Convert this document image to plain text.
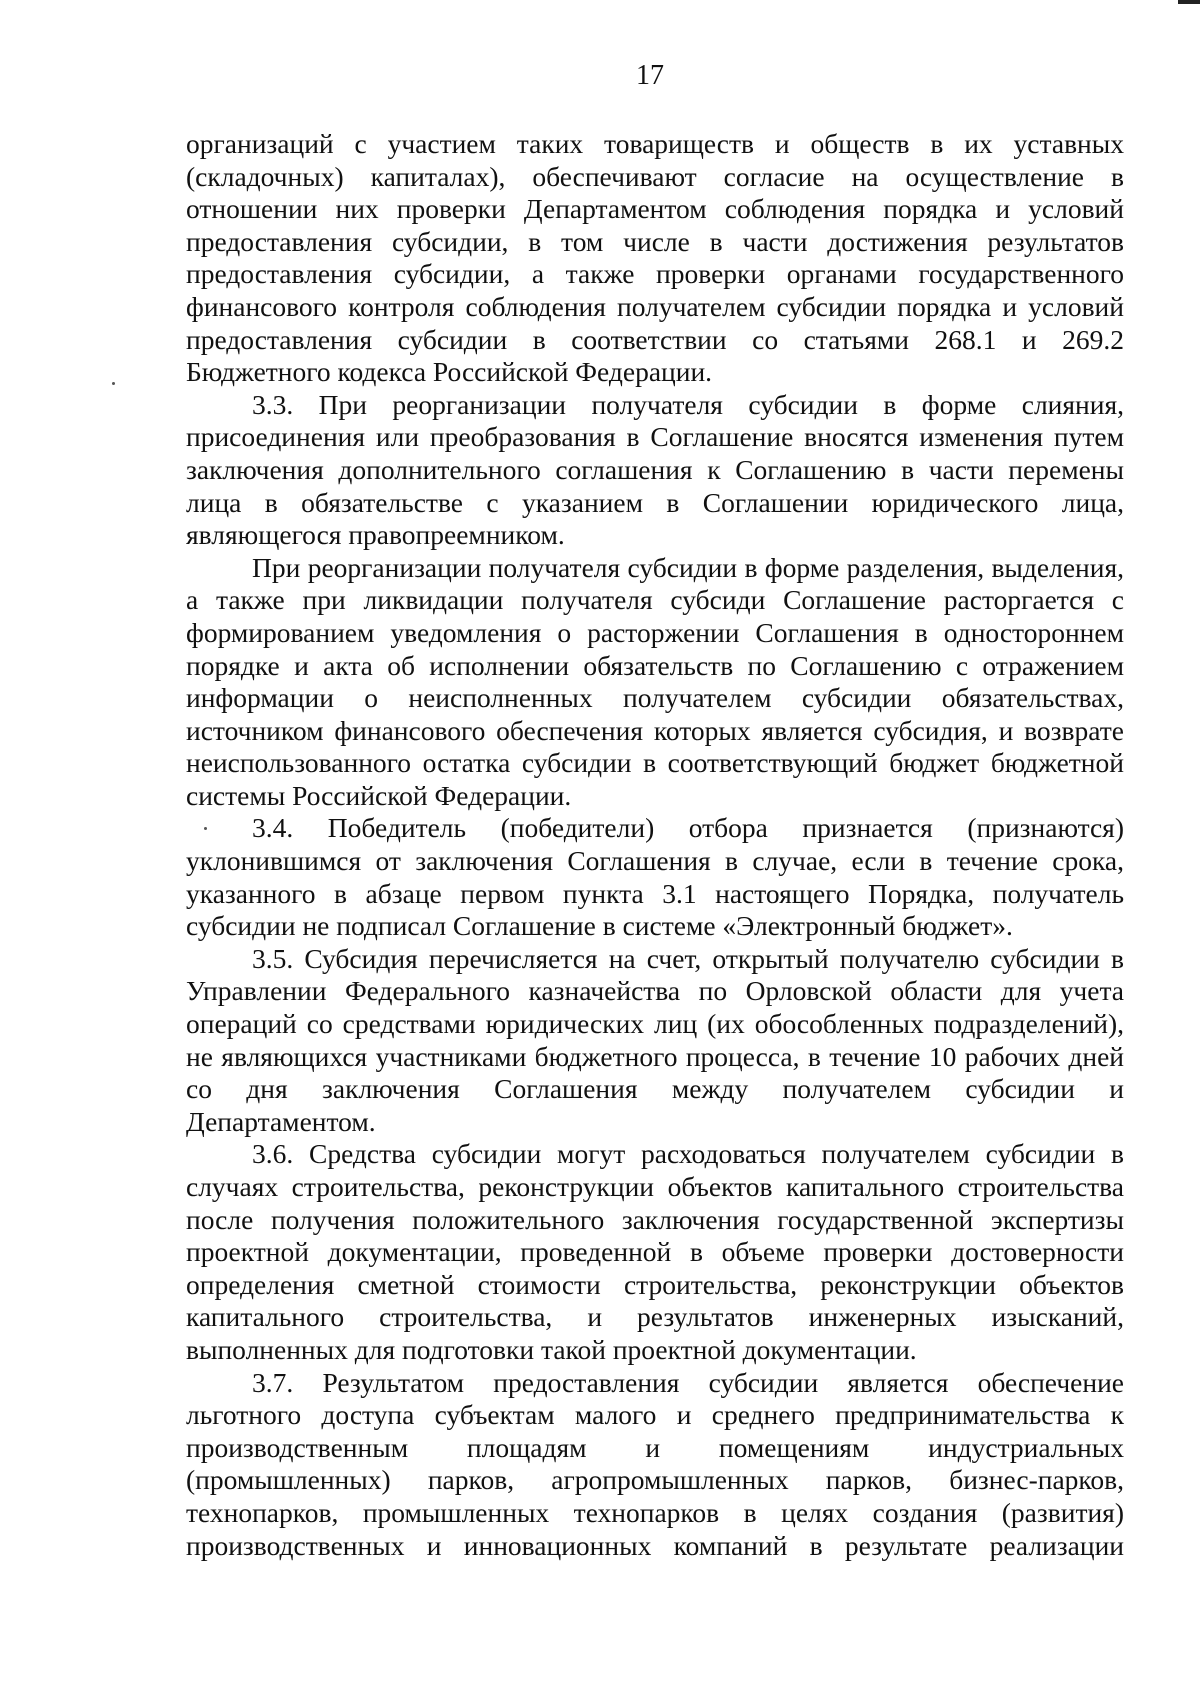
17

организаций с участием таких товариществ и обществ в их уставных (складочных) капиталах), обеспечивают согласие на осуществление в отношении них проверки Департаментом соблюдения порядка и условий предоставления субсидии, в том числе в части достижения результатов предоставления субсидии, а также проверки органами государственного финансового контроля соблюдения получателем субсидии порядка и условий предоставления субсидии в соответствии со статьями 268.1 и 269.2 Бюджетного кодекса Российской Федерации.

3.3. При реорганизации получателя субсидии в форме слияния, присоединения или преобразования в Соглашение вносятся изменения путем заключения дополнительного соглашения к Соглашению в части перемены лица в обязательстве с указанием в Соглашении юридического лица, являющегося правопреемником.

При реорганизации получателя субсидии в форме разделения, выделения, а также при ликвидации получателя субсиди Соглашение расторгается с формированием уведомления о расторжении Соглашения в одностороннем порядке и акта об исполнении обязательств по Соглашению с отражением информации о неисполненных получателем субсидии обязательствах, источником финансового обеспечения которых является субсидия, и возврате неиспользованного остатка субсидии в соответствующий бюджет бюджетной системы Российской Федерации.

3.4. Победитель (победители) отбора признается (признаются) уклонившимся от заключения Соглашения в случае, если в течение срока, указанного в абзаце первом пункта 3.1 настоящего Порядка, получатель субсидии не подписал Соглашение в системе «Электронный бюджет».

3.5. Субсидия перечисляется на счет, открытый получателю субсидии в Управлении Федерального казначейства по Орловской области для учета операций со средствами юридических лиц (их обособленных подразделений), не являющихся участниками бюджетного процесса, в течение 10 рабочих дней со дня заключения Соглашения между получателем субсидии и Департаментом.

3.6. Средства субсидии могут расходоваться получателем субсидии в случаях строительства, реконструкции объектов капитального строительства после получения положительного заключения государственной экспертизы проектной документации, проведенной в объеме проверки достоверности определения сметной стоимости строительства, реконструкции объектов капитального строительства, и результатов инженерных изысканий, выполненных для подготовки такой проектной документации.

3.7. Результатом предоставления субсидии является обеспечение льготного доступа субъектам малого и среднего предпринимательства к производственным площадям и помещениям индустриальных (промышленных) парков, агропромышленных парков, бизнес-парков, технопарков, промышленных технопарков в целях создания (развития) производственных и инновационных компаний в результате реализации
